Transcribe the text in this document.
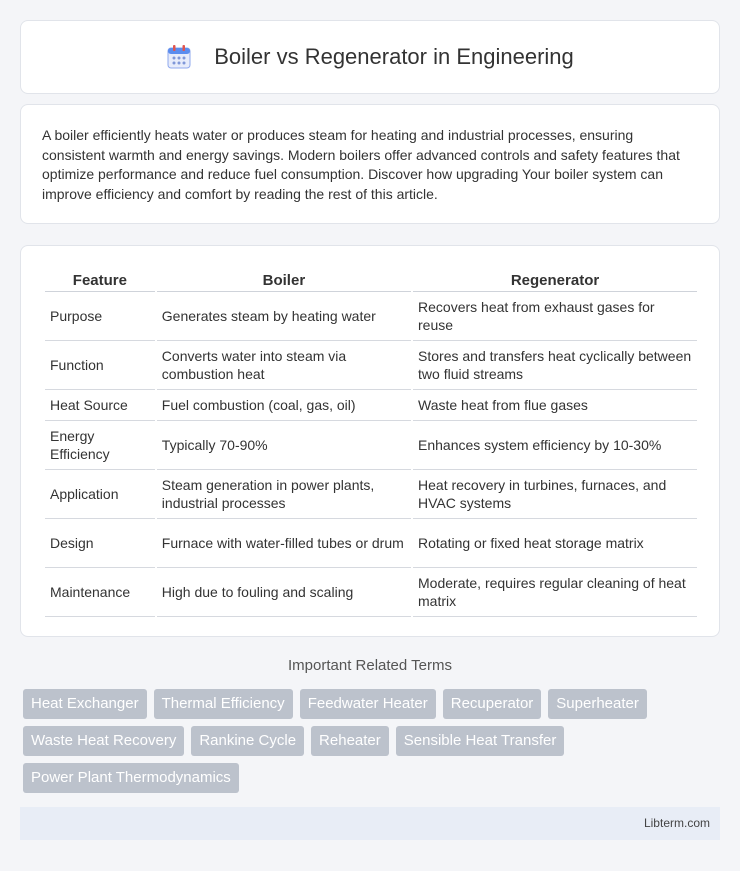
Boiler vs Regenerator in Engineering

A boiler efficiently heats water or produces steam for heating and industrial processes, ensuring consistent warmth and energy savings. Modern boilers offer advanced controls and safety features that optimize performance and reduce fuel consumption. Discover how upgrading Your boiler system can improve efficiency and comfort by reading the rest of this article.

Feature	Boiler	Regenerator
Purpose	Generates steam by heating water	Recovers heat from exhaust gases for reuse
Function	Converts water into steam via combustion heat	Stores and transfers heat cyclically between two fluid streams
Heat Source	Fuel combustion (coal, gas, oil)	Waste heat from flue gases
Energy Efficiency	Typically 70-90%	Enhances system efficiency by 10-30%
Application	Steam generation in power plants, industrial processes	Heat recovery in turbines, furnaces, and HVAC systems
Design	Furnace with water-filled tubes or drum	Rotating or fixed heat storage matrix
Maintenance	High due to fouling and scaling	Moderate, requires regular cleaning of heat matrix
Important Related Terms
Heat Exchanger	Thermal Efficiency	Feedwater Heater	Recuperator	Superheater
Waste Heat Recovery	Rankine Cycle	Reheater	Sensible Heat Transfer
Power Plant Thermodynamics
Libterm.com
